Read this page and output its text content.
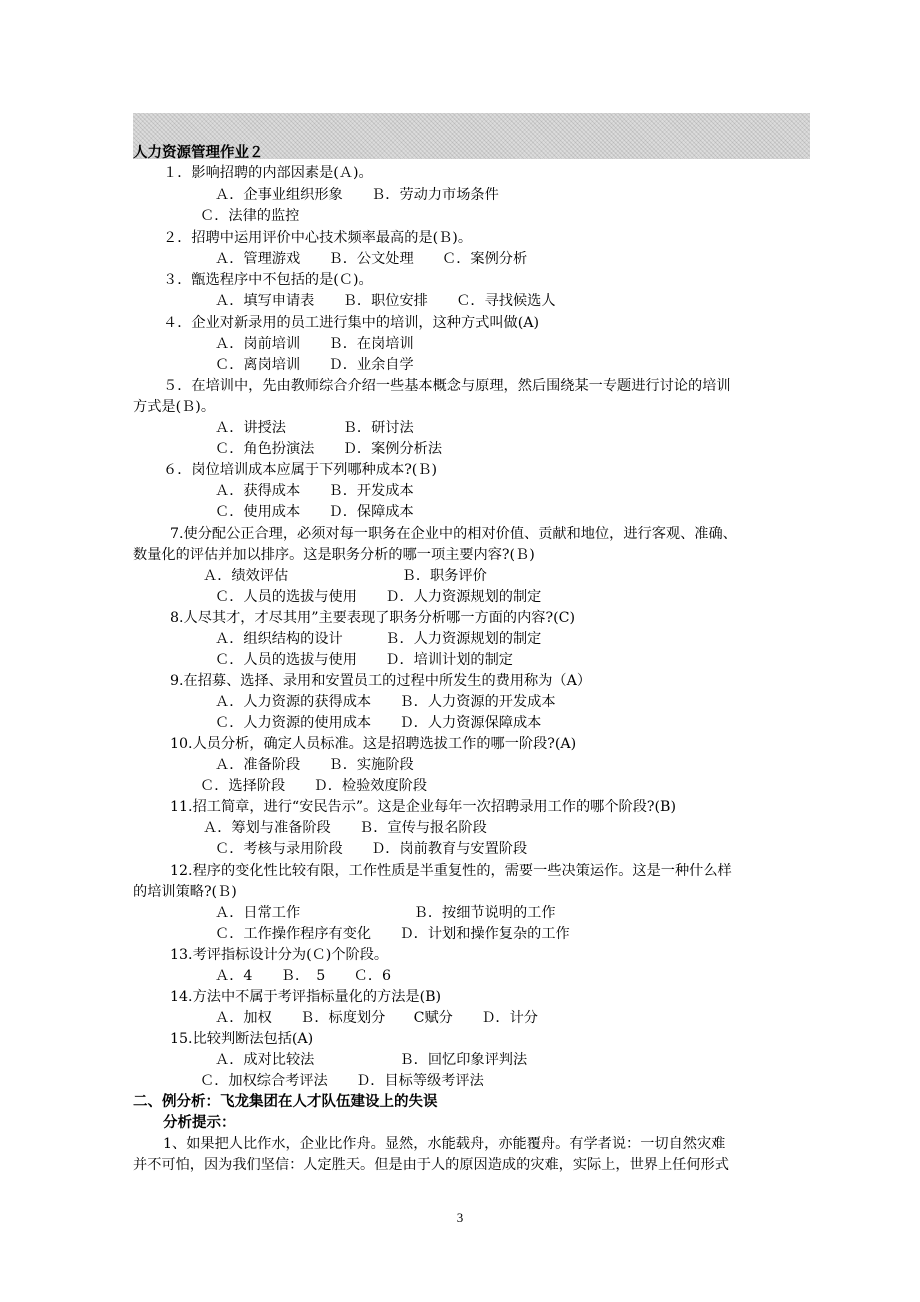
人力资源管理作业２
１．影响招聘的内部因素是(Ａ)。
Ａ．企事业组织形象　　Ｂ．劳动力市场条件
Ｃ．法律的监控
２．招聘中运用评价中心技术频率最高的是(Ｂ)。
Ａ．管理游戏　　Ｂ．公文处理　　Ｃ．案例分析
３．甑选程序中不包括的是(Ｃ)。
Ａ．填写申请表　　Ｂ．职位安排　　Ｃ．寻找候选人
４．企业对新录用的员工进行集中的培训，这种方式叫做(A)
Ａ．岗前培训　　Ｂ．在岗培训
Ｃ．离岗培训　　Ｄ．业余自学
５．在培训中，先由教师综合介绍一些基本概念与原理，然后围绕某一专题进行讨论的培训
方式是(Ｂ)。
Ａ．讲授法　　　　Ｂ．研讨法
Ｃ．角色扮演法　　Ｄ．案例分析法
６．岗位培训成本应属于下列哪种成本?(Ｂ)
Ａ．获得成本　　Ｂ．开发成本
Ｃ．使用成本　　Ｄ．保障成本
7.使分配公正合理，必须对每一职务在企业中的相对价值、贡献和地位，进行客观、准确、
数量化的评估并加以排序。这是职务分析的哪一项主要内容?(Ｂ)
Ａ．绩效评估　　　　　　　　Ｂ．职务评价
Ｃ．人员的选拔与使用　　Ｄ．人力资源规划的制定
8.人尽其才，才尽其用”主要表现了职务分析哪一方面的内容?(C)
Ａ．组织结构的设计　　　Ｂ．人力资源规划的制定
Ｃ．人员的选拔与使用　　Ｄ．培训计划的制定
9.在招募、选择、录用和安置员工的过程中所发生的费用称为（A）
Ａ．人力资源的获得成本　　Ｂ．人力资源的开发成本
Ｃ．人力资源的使用成本　　Ｄ．人力资源保障成本
10.人员分析，确定人员标准。这是招聘选拔工作的哪一阶段?(A)
Ａ．准备阶段　　Ｂ．实施阶段
Ｃ．选择阶段　　Ｄ．检验效度阶段
11.招工简章，进行“安民告示”。这是企业每年一次招聘录用工作的哪个阶段?(B)
Ａ．筹划与准备阶段　　Ｂ．宣传与报名阶段
Ｃ．考核与录用阶段　　Ｄ．岗前教育与安置阶段
12.程序的变化性比较有限，工作性质是半重复性的，需要一些决策运作。这是一种什么样
的培训策略?(Ｂ)
Ａ．日常工作　　　　　　　　Ｂ．按细节说明的工作
Ｃ．工作操作程序有变化　　Ｄ．计划和操作复杂的工作
13.考评指标设计分为(Ｃ)个阶段。
Ａ．4　　Ｂ．　5　　Ｃ．6
14.方法中不属于考评指标量化的方法是(B)
Ａ．加权　　Ｂ．标度划分　　C赋分　　Ｄ．计分
15.比较判断法包括(A)
Ａ．成对比较法　　　　　　Ｂ．回忆印象评判法
Ｃ．加权综合考评法　　Ｄ．目标等级考评法
二、例分析：飞龙集团在人才队伍建设上的失误
分析提示：
1、如果把人比作水，企业比作舟。显然，水能载舟，亦能覆舟。有学者说：一切自然灾难
并不可怕，因为我们坚信：人定胜天。但是由于人的原因造成的灾难，实际上，世界上任何形式
3
